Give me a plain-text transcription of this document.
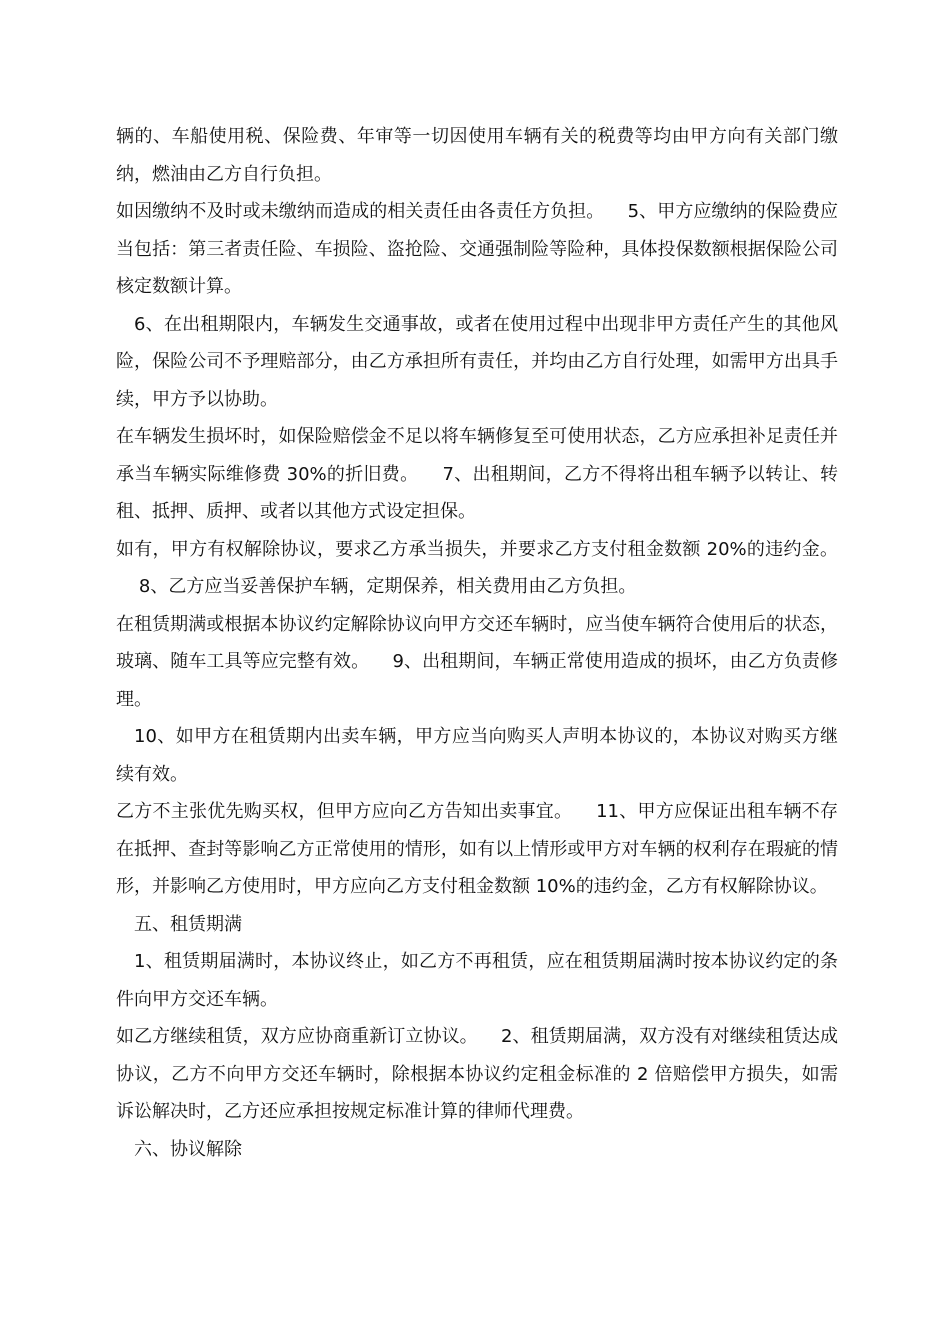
辆的、车船使用税、保险费、年审等一切因使用车辆有关的税费等均由甲方向有关部门缴纳，燃油由乙方自行负担。

如因缴纳不及时或未缴纳而造成的相关责任由各责任方负担。 5、甲方应缴纳的保险费应当包括：第三者责任险、车损险、盗抢险、交通强制险等险种，具体投保数额根据保险公司核定数额计算。

6、在出租期限内，车辆发生交通事故，或者在使用过程中出现非甲方责任产生的其他风险，保险公司不予理赔部分，由乙方承担所有责任，并均由乙方自行处理，如需甲方出具手续，甲方予以协助。

在车辆发生损坏时，如保险赔偿金不足以将车辆修复至可使用状态，乙方应承担补足责任并承当车辆实际维修费 30%的折旧费。 7、出租期间，乙方不得将出租车辆予以转让、转租、抵押、质押、或者以其他方式设定担保。

如有，甲方有权解除协议，要求乙方承当损失，并要求乙方支付租金数额 20%的违约金。    8、乙方应当妥善保护车辆，定期保养，相关费用由乙方负担。

在租赁期满或根据本协议约定解除协议向甲方交还车辆时，应当使车辆符合使用后的状态，玻璃、随车工具等应完整有效。 9、出租期间，车辆正常使用造成的损坏，由乙方负责修理。

10、如甲方在租赁期内出卖车辆，甲方应当向购买人声明本协议的，本协议对购买方继续有效。

乙方不主张优先购买权，但甲方应向乙方告知出卖事宜。 11、甲方应保证出租车辆不存在抵押、查封等影响乙方正常使用的情形，如有以上情形或甲方对车辆的权利存在瑕疵的情形，并影响乙方使用时，甲方应向乙方支付租金数额 10%的违约金，乙方有权解除协议。

五、租赁期满

1、租赁期届满时，本协议终止，如乙方不再租赁，应在租赁期届满时按本协议约定的条件向甲方交还车辆。

如乙方继续租赁，双方应协商重新订立协议。 2、租赁期届满，双方没有对继续租赁达成协议，乙方不向甲方交还车辆时，除根据本协议约定租金标准的 2 倍赔偿甲方损失，如需诉讼解决时，乙方还应承担按规定标准计算的律师代理费。

六、协议解除
